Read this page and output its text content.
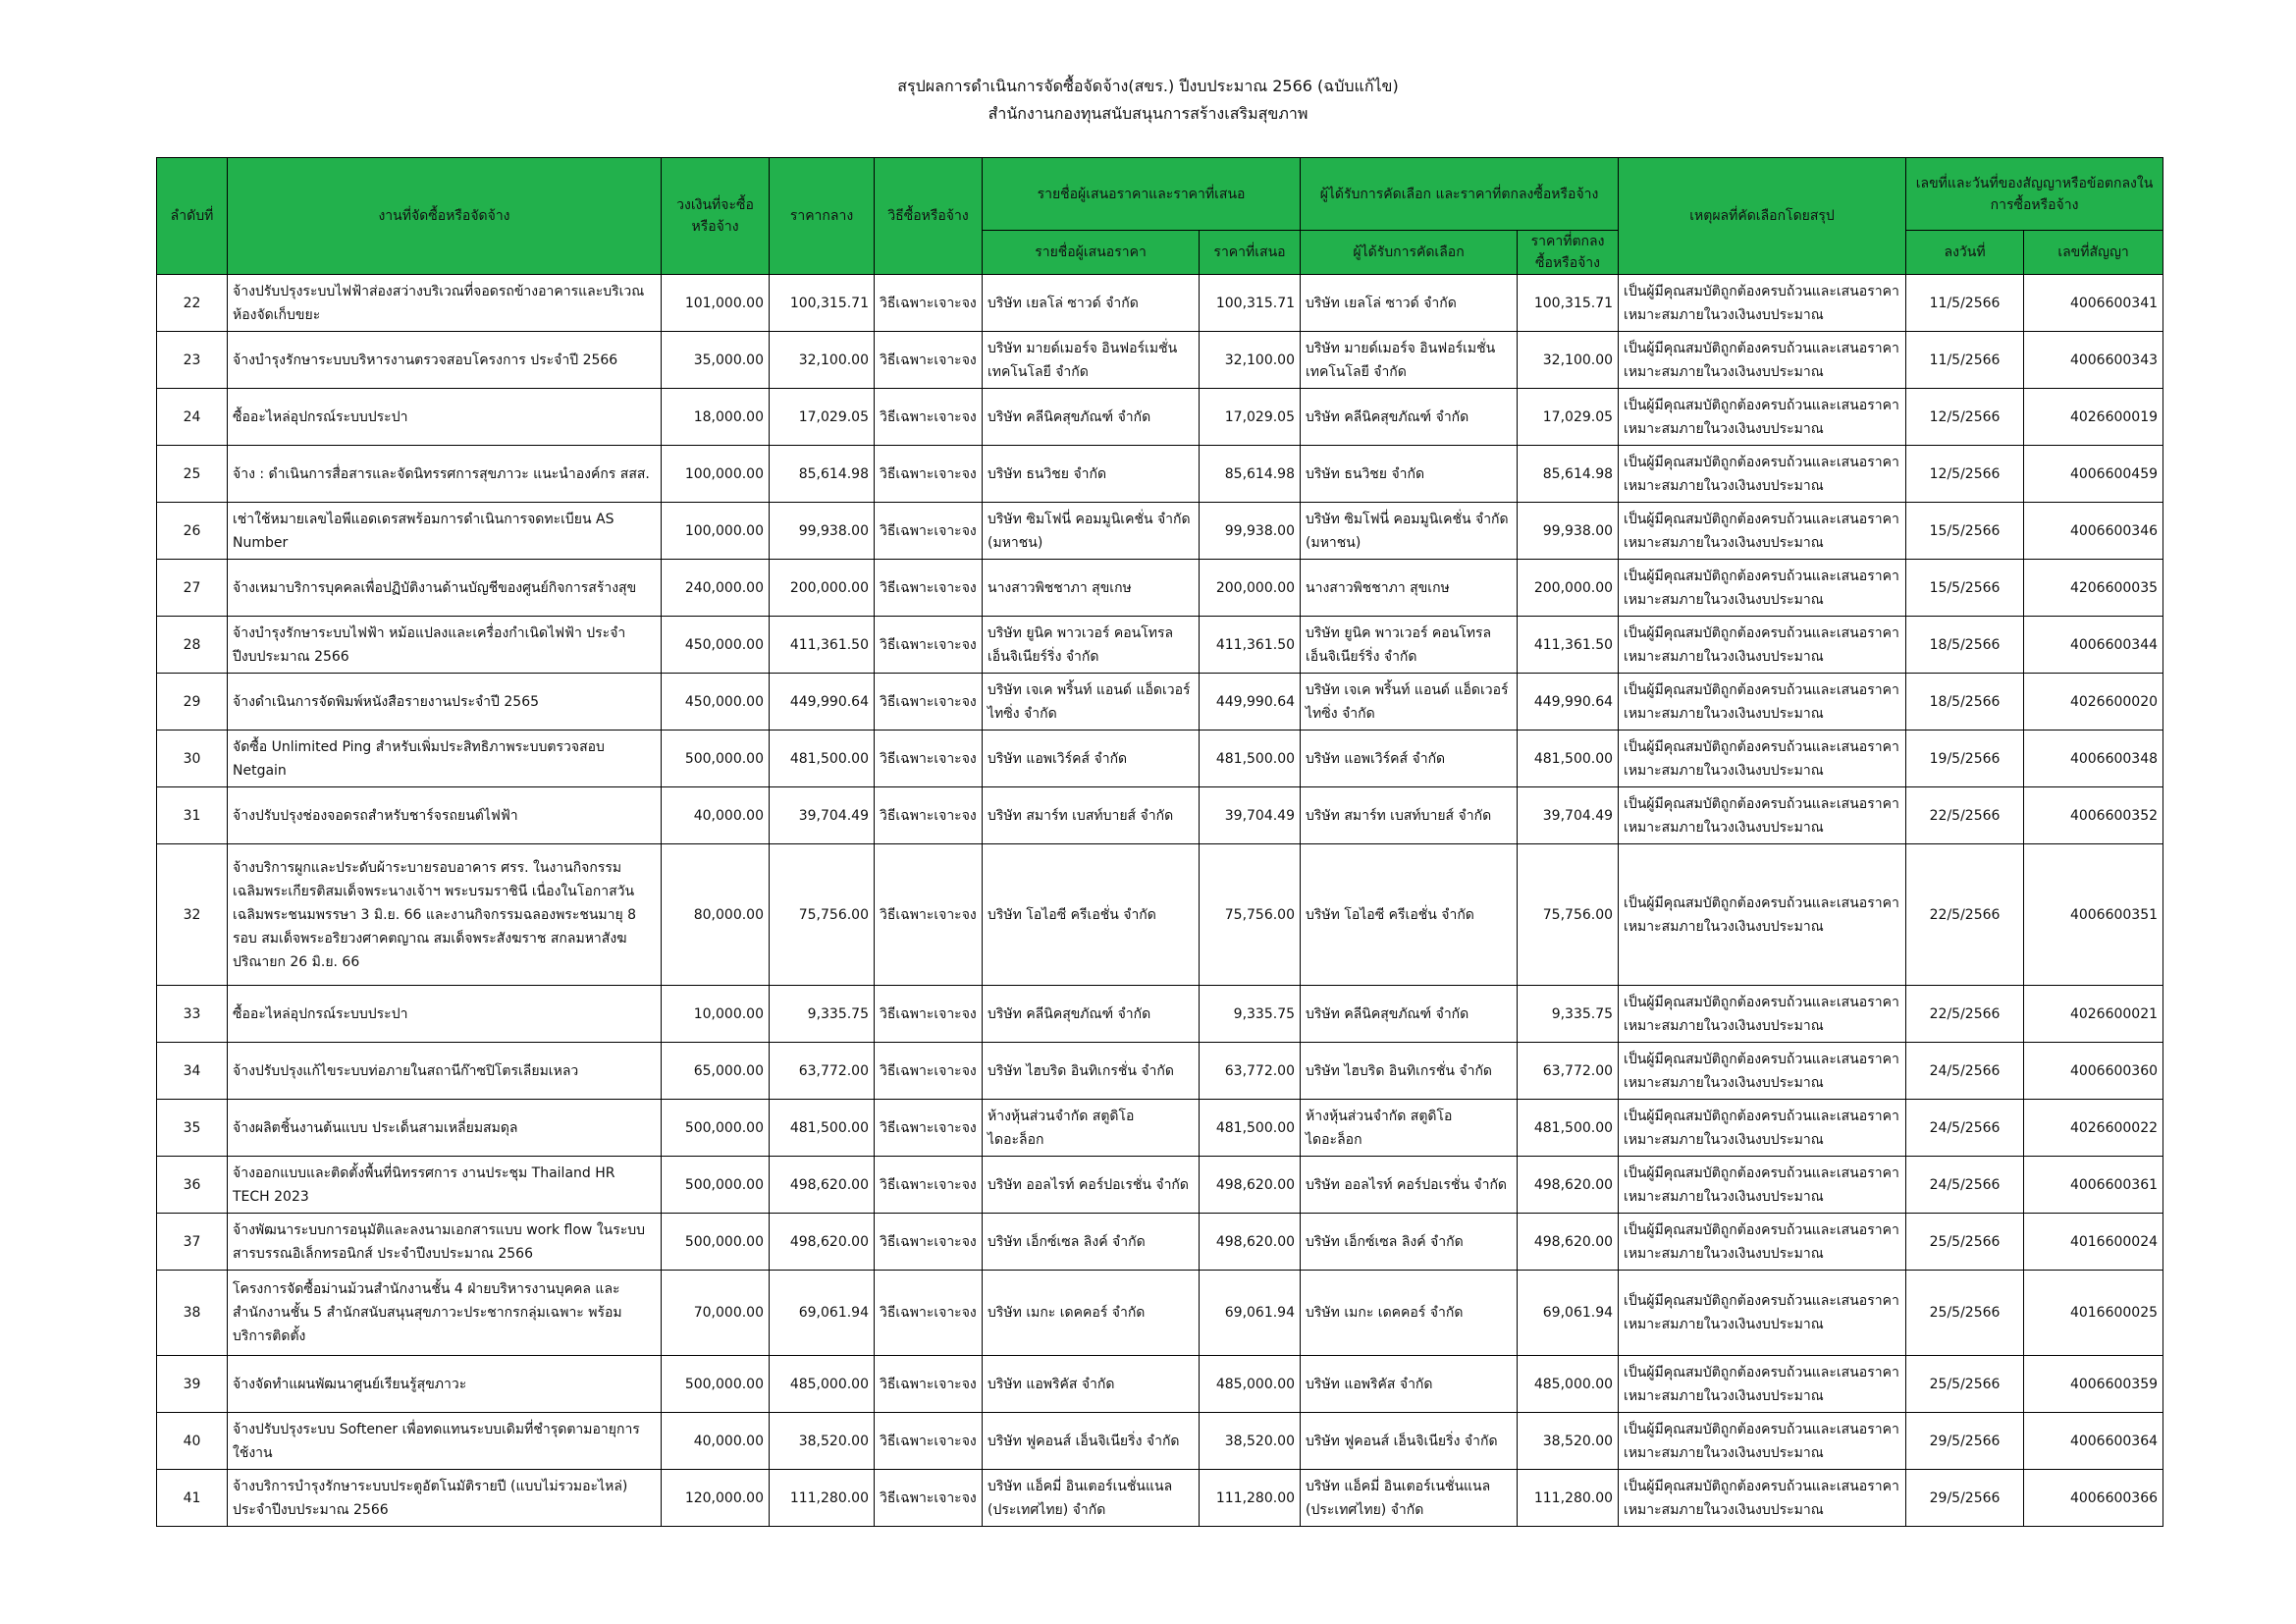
สรุปผลการดำเนินการจัดซื้อจัดจ้าง(สขร.) ปีงบประมาณ 2566 (ฉบับแก้ไข)
สำนักงานกองทุนสนับสนุนการสร้างเสริมสุขภาพ
ลำดับที่	งานที่จัดซื้อหรือจัดจ้าง	วงเงินที่จะซื้อหรือจ้าง	ราคากลาง	วิธีซื้อหรือจ้าง	รายชื่อผู้เสนอราคาและราคาที่เสนอ		ผู้ได้รับการคัดเลือก และราคาที่ตกลงซื้อหรือจ้าง		เหตุผลที่คัดเลือกโดยสรุป	เลขที่และวันที่ของสัญญาหรือข้อตกลงในการซื้อหรือจ้าง	
					รายชื่อผู้เสนอราคา	ราคาที่เสนอ	ผู้ได้รับการคัดเลือก	ราคาที่ตกลงซื้อหรือจ้าง		ลงวันที่	เลขที่สัญญา
22	จ้างปรับปรุงระบบไฟฟ้าส่องสว่างบริเวณที่จอดรถข้างอาคารและบริเวณห้องจัดเก็บขยะ	101,000.00	100,315.71	วิธีเฉพาะเจาะจง	บริษัท เยลโล่ ซาวด์ จำกัด	100,315.71	บริษัท เยลโล่ ซาวด์ จำกัด	100,315.71	เป็นผู้มีคุณสมบัติถูกต้องครบถ้วนและเสนอราคาเหมาะสมภายในวงเงินงบประมาณ	11/5/2566	4006600341
23	จ้างบำรุงรักษาระบบบริหารงานตรวจสอบโครงการ ประจำปี 2566	35,000.00	32,100.00	วิธีเฉพาะเจาะจง	บริษัท มายด์เมอร์จ อินฟอร์เมชั่น เทคโนโลยี จำกัด	32,100.00	บริษัท มายด์เมอร์จ อินฟอร์เมชั่น เทคโนโลยี จำกัด	32,100.00	เป็นผู้มีคุณสมบัติถูกต้องครบถ้วนและเสนอราคาเหมาะสมภายในวงเงินงบประมาณ	11/5/2566	4006600343
24	ซื้ออะไหล่อุปกรณ์ระบบประปา	18,000.00	17,029.05	วิธีเฉพาะเจาะจง	บริษัท คลีนิคสุขภัณฑ์ จำกัด	17,029.05	บริษัท คลีนิคสุขภัณฑ์ จำกัด	17,029.05	เป็นผู้มีคุณสมบัติถูกต้องครบถ้วนและเสนอราคาเหมาะสมภายในวงเงินงบประมาณ	12/5/2566	4026600019
25	จ้าง : ดำเนินการสื่อสารและจัดนิทรรศการสุขภาวะ แนะนำองค์กร สสส.	100,000.00	85,614.98	วิธีเฉพาะเจาะจง	บริษัท ธนวิชย จำกัด	85,614.98	บริษัท ธนวิชย จำกัด	85,614.98	เป็นผู้มีคุณสมบัติถูกต้องครบถ้วนและเสนอราคาเหมาะสมภายในวงเงินงบประมาณ	12/5/2566	4006600459
26	เช่าใช้หมายเลขไอพีแอดเดรสพร้อมการดำเนินการจดทะเบียน AS Number	100,000.00	99,938.00	วิธีเฉพาะเจาะจง	บริษัท ซิมโฟนี่ คอมมูนิเคชั่น จำกัด (มหาชน)	99,938.00	บริษัท ซิมโฟนี่ คอมมูนิเคชั่น จำกัด (มหาชน)	99,938.00	เป็นผู้มีคุณสมบัติถูกต้องครบถ้วนและเสนอราคาเหมาะสมภายในวงเงินงบประมาณ	15/5/2566	4006600346
27	จ้างเหมาบริการบุคคลเพื่อปฏิบัติงานด้านบัญชีของศูนย์กิจการสร้างสุข	240,000.00	200,000.00	วิธีเฉพาะเจาะจง	นางสาวพิชชาภา สุขเกษ	200,000.00	นางสาวพิชชาภา สุขเกษ	200,000.00	เป็นผู้มีคุณสมบัติถูกต้องครบถ้วนและเสนอราคาเหมาะสมภายในวงเงินงบประมาณ	15/5/2566	4206600035
28	จ้างบำรุงรักษาระบบไฟฟ้า หม้อแปลงและเครื่องกำเนิดไฟฟ้า ประจำปีงบประมาณ 2566	450,000.00	411,361.50	วิธีเฉพาะเจาะจง	บริษัท ยูนิค พาวเวอร์ คอนโทรล เอ็นจิเนียร์ริ่ง จำกัด	411,361.50	บริษัท ยูนิค พาวเวอร์ คอนโทรล เอ็นจิเนียร์ริ่ง จำกัด	411,361.50	เป็นผู้มีคุณสมบัติถูกต้องครบถ้วนและเสนอราคาเหมาะสมภายในวงเงินงบประมาณ	18/5/2566	4006600344
29	จ้างดำเนินการจัดพิมพ์หนังสือรายงานประจำปี 2565	450,000.00	449,990.64	วิธีเฉพาะเจาะจง	บริษัท เจเค พริ้นท์ แอนด์ แอ็ดเวอร์ไทซิ่ง จำกัด	449,990.64	บริษัท เจเค พริ้นท์ แอนด์ แอ็ดเวอร์ไทซิ่ง จำกัด	449,990.64	เป็นผู้มีคุณสมบัติถูกต้องครบถ้วนและเสนอราคาเหมาะสมภายในวงเงินงบประมาณ	18/5/2566	4026600020
30	จัดซื้อ Unlimited Ping สำหรับเพิ่มประสิทธิภาพระบบตรวจสอบ Netgain	500,000.00	481,500.00	วิธีเฉพาะเจาะจง	บริษัท แอพเวิร์คส์ จำกัด	481,500.00	บริษัท แอพเวิร์คส์ จำกัด	481,500.00	เป็นผู้มีคุณสมบัติถูกต้องครบถ้วนและเสนอราคาเหมาะสมภายในวงเงินงบประมาณ	19/5/2566	4006600348
31	จ้างปรับปรุงช่องจอดรถสำหรับชาร์จรถยนต์ไฟฟ้า	40,000.00	39,704.49	วิธีเฉพาะเจาะจง	บริษัท สมาร์ท เบสท์บายส์ จำกัด	39,704.49	บริษัท สมาร์ท เบสท์บายส์ จำกัด	39,704.49	เป็นผู้มีคุณสมบัติถูกต้องครบถ้วนและเสนอราคาเหมาะสมภายในวงเงินงบประมาณ	22/5/2566	4006600352
32	จ้างบริการผูกและประดับผ้าระบายรอบอาคาร ศรร. ในงานกิจกรรมเฉลิมพระเกียรติสมเด็จพระนางเจ้าฯ พระบรมราชินี เนื่องในโอกาสวันเฉลิมพระชนมพรรษา 3 มิ.ย. 66 และงานกิจกรรมฉลองพระชนมายุ 8 รอบ สมเด็จพระอริยวงศาคตญาณ สมเด็จพระสังฆราช สกลมหาสังฆปริณายก 26 มิ.ย. 66	80,000.00	75,756.00	วิธีเฉพาะเจาะจง	บริษัท โอไอซี ครีเอชั่น จำกัด	75,756.00	บริษัท โอไอซี ครีเอชั่น จำกัด	75,756.00	เป็นผู้มีคุณสมบัติถูกต้องครบถ้วนและเสนอราคาเหมาะสมภายในวงเงินงบประมาณ	22/5/2566	4006600351
33	ซื้ออะไหล่อุปกรณ์ระบบประปา	10,000.00	9,335.75	วิธีเฉพาะเจาะจง	บริษัท คลีนิคสุขภัณฑ์ จำกัด	9,335.75	บริษัท คลีนิคสุขภัณฑ์ จำกัด	9,335.75	เป็นผู้มีคุณสมบัติถูกต้องครบถ้วนและเสนอราคาเหมาะสมภายในวงเงินงบประมาณ	22/5/2566	4026600021
34	จ้างปรับปรุงแก้ไขระบบท่อภายในสถานีก๊าซปิโตรเลียมเหลว	65,000.00	63,772.00	วิธีเฉพาะเจาะจง	บริษัท ไฮบริด อินทิเกรชั่น จำกัด	63,772.00	บริษัท ไฮบริด อินทิเกรชั่น จำกัด	63,772.00	เป็นผู้มีคุณสมบัติถูกต้องครบถ้วนและเสนอราคาเหมาะสมภายในวงเงินงบประมาณ	24/5/2566	4006600360
35	จ้างผลิตชิ้นงานต้นแบบ ประเด็นสามเหลี่ยมสมดุล	500,000.00	481,500.00	วิธีเฉพาะเจาะจง	ห้างหุ้นส่วนจำกัด สตูดิโอ ไดอะล็อก	481,500.00	ห้างหุ้นส่วนจำกัด สตูดิโอ ไดอะล็อก	481,500.00	เป็นผู้มีคุณสมบัติถูกต้องครบถ้วนและเสนอราคาเหมาะสมภายในวงเงินงบประมาณ	24/5/2566	4026600022
36	จ้างออกแบบและติดตั้งพื้นที่นิทรรศการ งานประชุม Thailand HR TECH 2023	500,000.00	498,620.00	วิธีเฉพาะเจาะจง	บริษัท ออลไรท์ คอร์ปอเรชั่น จำกัด	498,620.00	บริษัท ออลไรท์ คอร์ปอเรชั่น จำกัด	498,620.00	เป็นผู้มีคุณสมบัติถูกต้องครบถ้วนและเสนอราคาเหมาะสมภายในวงเงินงบประมาณ	24/5/2566	4006600361
37	จ้างพัฒนาระบบการอนุมัติและลงนามเอกสารแบบ work flow ในระบบสารบรรณอิเล็กทรอนิกส์ ประจำปีงบประมาณ 2566	500,000.00	498,620.00	วิธีเฉพาะเจาะจง	บริษัท เอ็กซ์เซล ลิงค์ จำกัด	498,620.00	บริษัท เอ็กซ์เซล ลิงค์ จำกัด	498,620.00	เป็นผู้มีคุณสมบัติถูกต้องครบถ้วนและเสนอราคาเหมาะสมภายในวงเงินงบประมาณ	25/5/2566	4016600024
38	โครงการจัดซื้อม่านม้วนสำนักงานชั้น 4 ฝ่ายบริหารงานบุคคล และสำนักงานชั้น 5 สำนักสนับสนุนสุขภาวะประชากรกลุ่มเฉพาะ พร้อมบริการติดตั้ง	70,000.00	69,061.94	วิธีเฉพาะเจาะจง	บริษัท เมกะ เดคคอร์ จำกัด	69,061.94	บริษัท เมกะ เดคคอร์ จำกัด	69,061.94	เป็นผู้มีคุณสมบัติถูกต้องครบถ้วนและเสนอราคาเหมาะสมภายในวงเงินงบประมาณ	25/5/2566	4016600025
39	จ้างจัดทำแผนพัฒนาศูนย์เรียนรู้สุขภาวะ	500,000.00	485,000.00	วิธีเฉพาะเจาะจง	บริษัท แอพริคัส จำกัด	485,000.00	บริษัท แอพริคัส จำกัด	485,000.00	เป็นผู้มีคุณสมบัติถูกต้องครบถ้วนและเสนอราคาเหมาะสมภายในวงเงินงบประมาณ	25/5/2566	4006600359
40	จ้างปรับปรุงระบบ Softener เพื่อทดแทนระบบเดิมที่ชำรุดตามอายุการใช้งาน	40,000.00	38,520.00	วิธีเฉพาะเจาะจง	บริษัท ฟูคอนส์ เอ็นจิเนียริ่ง จำกัด	38,520.00	บริษัท ฟูคอนส์ เอ็นจิเนียริ่ง จำกัด	38,520.00	เป็นผู้มีคุณสมบัติถูกต้องครบถ้วนและเสนอราคาเหมาะสมภายในวงเงินงบประมาณ	29/5/2566	4006600364
41	จ้างบริการบำรุงรักษาระบบประตูอัตโนมัติรายปี (แบบไม่รวมอะไหล่) ประจำปีงบประมาณ 2566	120,000.00	111,280.00	วิธีเฉพาะเจาะจง	บริษัท แอ็คมี่ อินเตอร์เนชั่นแนล (ประเทศไทย) จำกัด	111,280.00	บริษัท แอ็คมี่ อินเตอร์เนชั่นแนล (ประเทศไทย) จำกัด	111,280.00	เป็นผู้มีคุณสมบัติถูกต้องครบถ้วนและเสนอราคาเหมาะสมภายในวงเงินงบประมาณ	29/5/2566	4006600366
